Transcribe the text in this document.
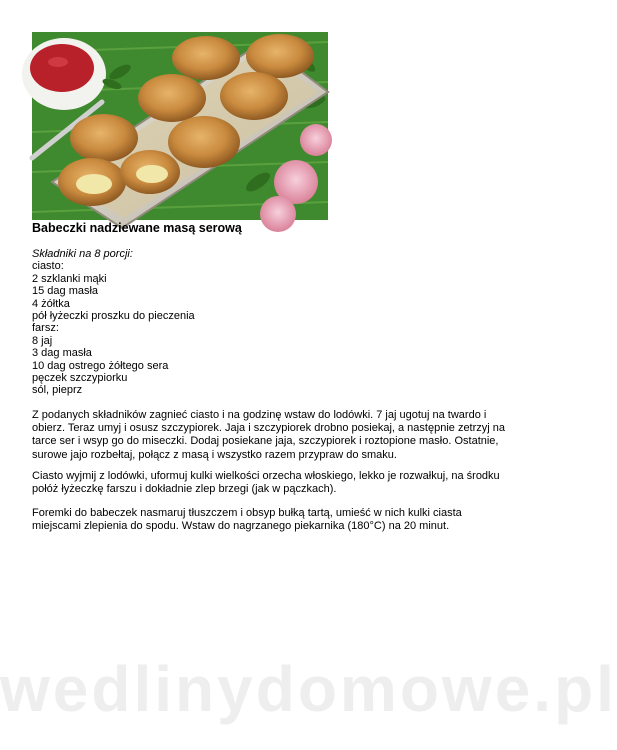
Babeczki nadziewane masą serową
Składniki na 8 porcji:
ciasto:
2 szklanki mąki
15 dag masła
4 żółtka
pół łyżeczki proszku do pieczenia
farsz:
8 jaj
3 dag masła
10 dag ostrego żółtego sera
pęczek szczypiorku
sól, pieprz
Z podanych składników zagnieć ciasto i na godzinę wstaw do lodówki. 7 jaj ugotuj na twardo i obierz. Teraz umyj i osusz szczypiorek. Jaja i szczypiorek drobno posiekaj, a następnie zetrzyj na tarce ser i wsyp go do miseczki. Dodaj posiekane jaja, szczypiorek i roztopione masło. Ostatnie, surowe jajo rozbełtaj, połącz z masą i wszystko razem przypraw do smaku.
Ciasto wyjmij z lodówki, uformuj kulki wielkości orzecha włoskiego, lekko je rozwałkuj, na środku połóż łyżeczkę farszu i dokładnie zlep brzegi (jak w pączkach).
Foremki do babeczek nasmaruj tłuszczem i obsyp bułką tartą, umieść w nich kulki ciasta miejscami zlepienia do spodu. Wstaw do nagrzanego piekarnika (180°C) na 20 minut.
wedlinydomowe.pl
